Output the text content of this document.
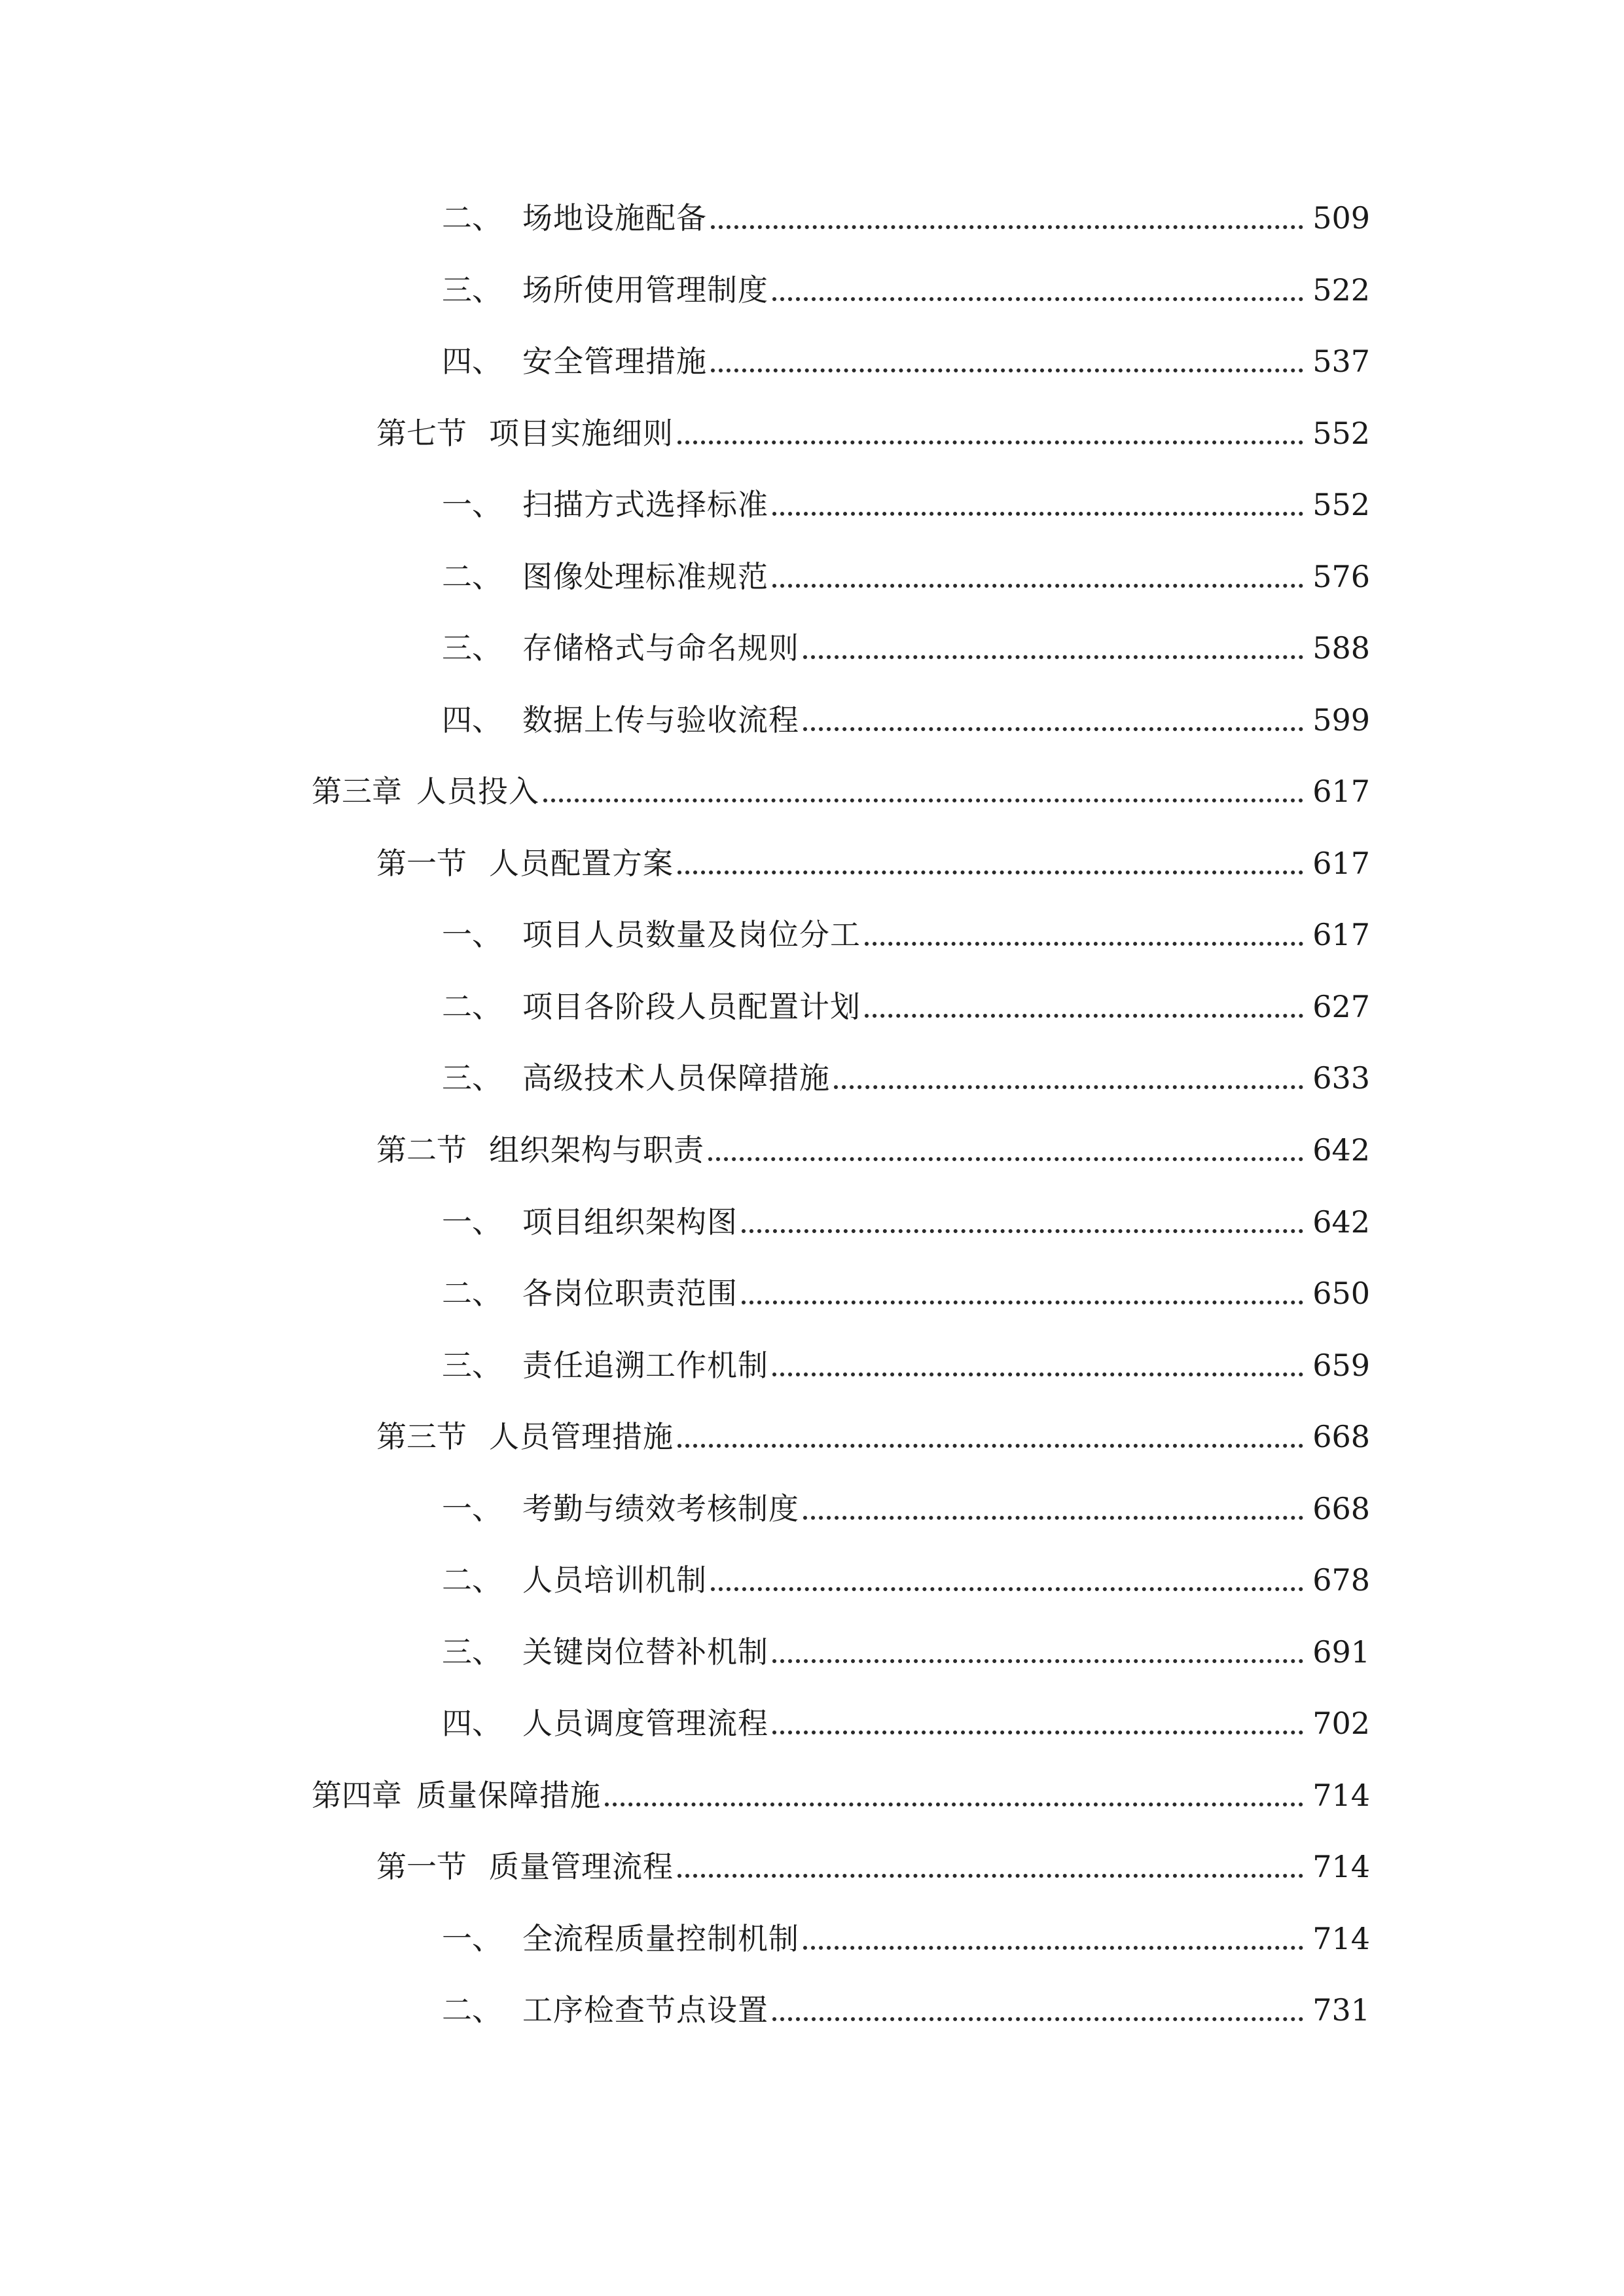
二、 场地设施配备	509
三、 场所使用管理制度	522
四、 安全管理措施	537
第七节 项目实施细则	552
一、 扫描方式选择标准	552
二、 图像处理标准规范	576
三、 存储格式与命名规则	588
四、 数据上传与验收流程	599
第三章 人员投入	617
第一节 人员配置方案	617
一、 项目人员数量及岗位分工	617
二、 项目各阶段人员配置计划	627
三、 高级技术人员保障措施	633
第二节 组织架构与职责	642
一、 项目组织架构图	642
二、 各岗位职责范围	650
三、 责任追溯工作机制	659
第三节 人员管理措施	668
一、 考勤与绩效考核制度	668
二、 人员培训机制	678
三、 关键岗位替补机制	691
四、 人员调度管理流程	702
第四章 质量保障措施	714
第一节 质量管理流程	714
一、 全流程质量控制机制	714
二、 工序检查节点设置	731
